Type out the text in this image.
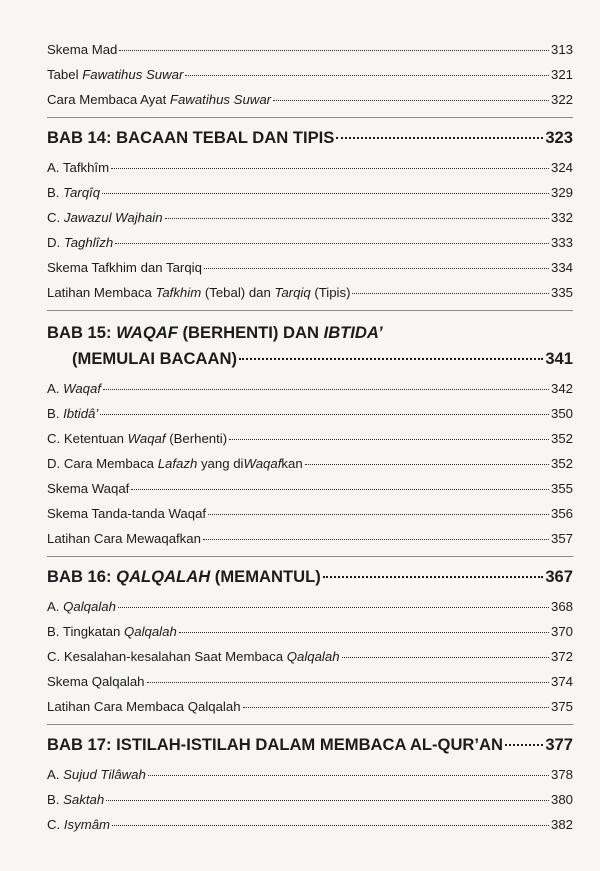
Skema Mad	313
Tabel Fawatihus Suwar	321
Cara Membaca Ayat Fawatihus Suwar	322
BAB 14: BACAAN TEBAL DAN TIPIS	323
A. Tafkhîm	324
B. Tarqîq	329
C. Jawazul Wajhain	332
D. Taghlîzh	333
Skema Tafkhim dan Tarqiq	334
Latihan Membaca Tafkhim (Tebal) dan Tarqiq (Tipis)	335
BAB 15: WAQAF (BERHENTI) DAN IBTIDA’
(MEMULAI BACAAN)	341
A. Waqaf	342
B. Ibtidâ’	350
C. Ketentuan Waqaf (Berhenti)	352
D. Cara Membaca Lafazh yang diWaqafkan	352
Skema Waqaf	355
Skema Tanda-tanda Waqaf	356
Latihan Cara Mewaqafkan	357
BAB 16: QALQALAH (MEMANTUL)	367
A. Qalqalah	368
B. Tingkatan Qalqalah	370
C. Kesalahan-kesalahan Saat Membaca Qalqalah	372
Skema Qalqalah	374
Latihan Cara Membaca Qalqalah	375
BAB 17: ISTILAH-ISTILAH DALAM MEMBACA AL-QUR’AN	377
A. Sujud Tilâwah	378
B. Saktah	380
C. Isymâm	382
